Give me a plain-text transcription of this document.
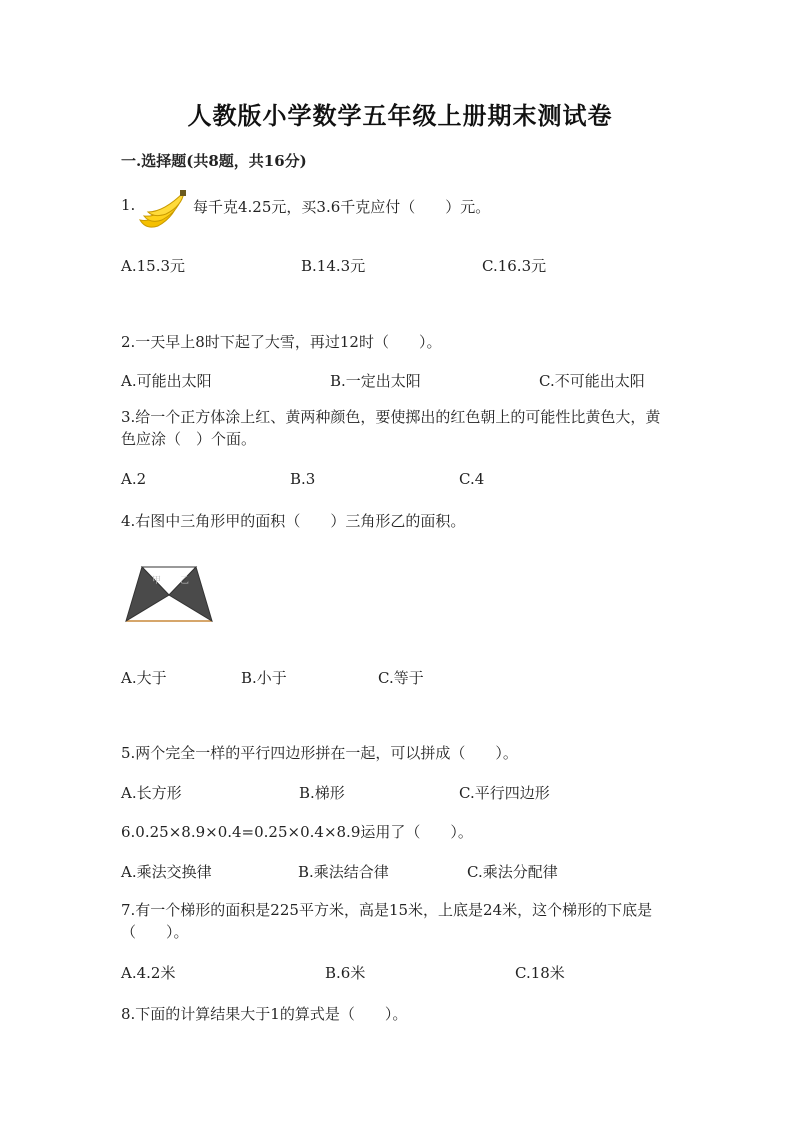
人教版小学数学五年级上册期末测试卷
一.选择题(共8题，共16分)
1.	每千克4.25元，买3.6千克应付（　　）元。
A.15.3元	B.14.3元	C.16.3元
2.一天早上8时下起了大雪，再过12时（　　）。
A.可能出太阳	B.一定出太阳	C.不可能出太阳
3.给一个正方体涂上红、黄两种颜色，要使掷出的红色朝上的可能性比黄色大，黄色应涂（　）个面。
A.2	B.3	C.4
4.右图中三角形甲的面积（　　）三角形乙的面积。
甲 乙
A.大于	B.小于	C.等于
5.两个完全一样的平行四边形拼在一起，可以拼成（　　）。
A.长方形	B.梯形	C.平行四边形
6.0.25×8.9×0.4=0.25×0.4×8.9运用了（　　）。
A.乘法交换律	B.乘法结合律	C.乘法分配律
7.有一个梯形的面积是225平方米，高是15米，上底是24米，这个梯形的下底是（　　）。
A.4.2米	B.6米	C.18米
8.下面的计算结果大于1的算式是（　　）。
